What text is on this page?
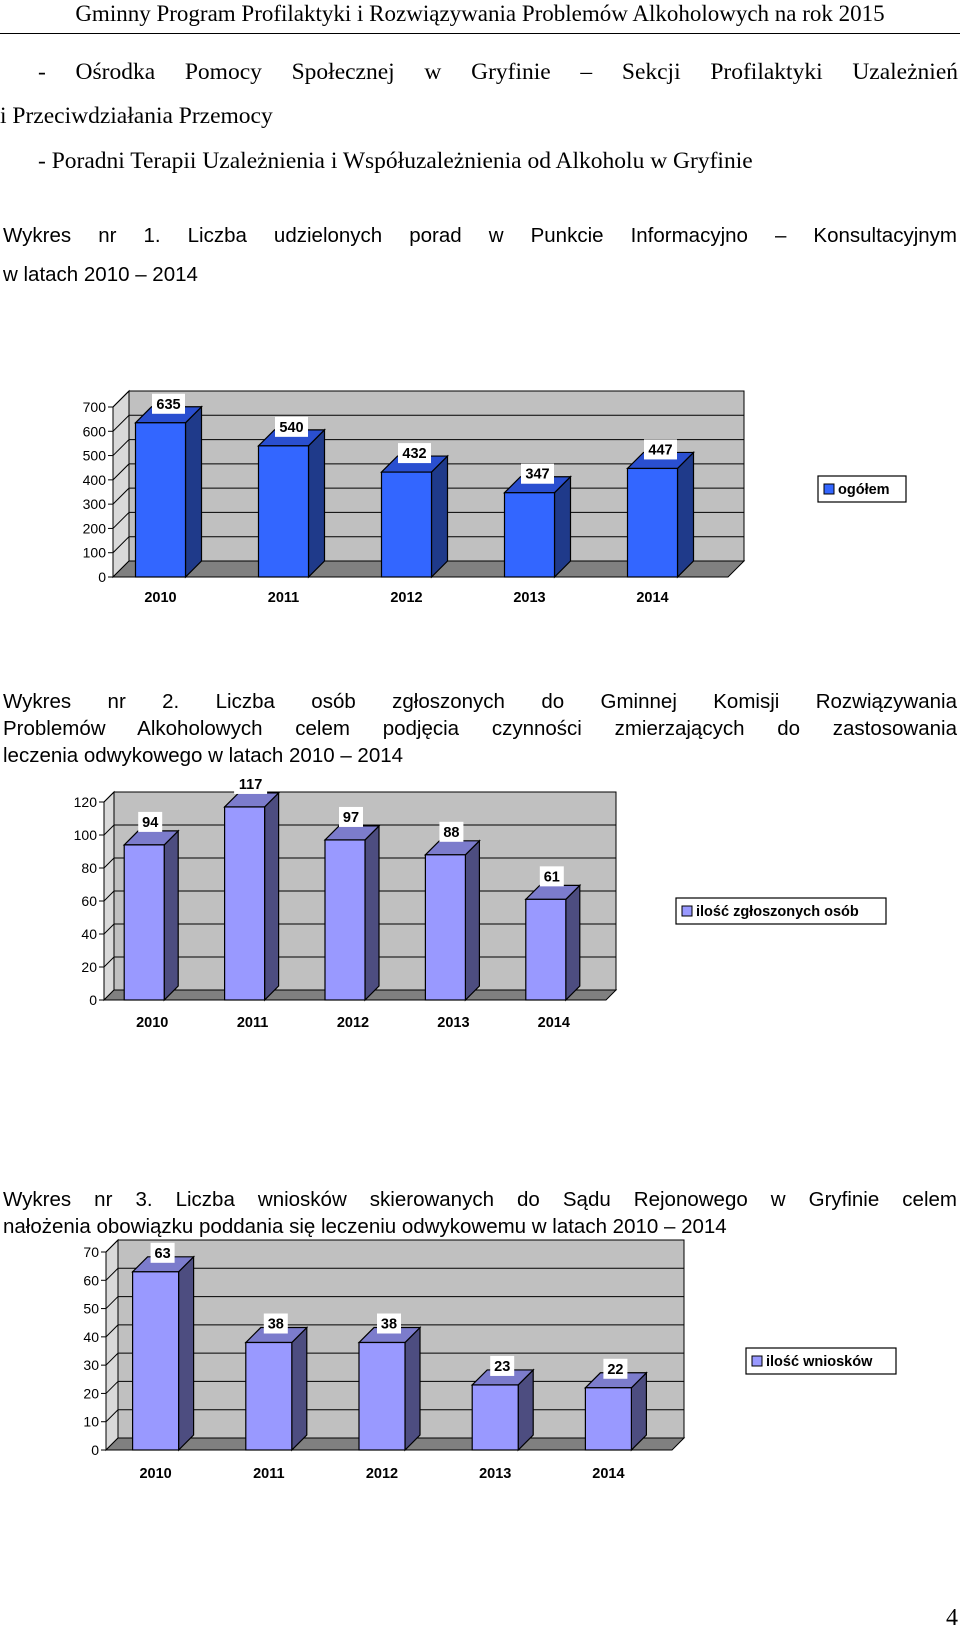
Gminny Program Profilaktyki i Rozwiązywania Problemów Alkoholowych na rok 2015
- Ośrodka Pomocy Społecznej w Gryfinie – Sekcji Profilaktyki Uzależnień
i Przeciwdziałania Przemocy
- Poradni Terapii Uzależnienia i Współuzależnienia od Alkoholu w Gryfinie
Wykres nr 1. Liczba udzielonych porad w Punkcie Informacyjno – Konsultacyjnym
w latach 2010 – 2014
0
100
200
300
400
500
600
700	635
2010
540
2011
432
2012
347
2013
447
2014
ogółem
Wykres nr 2. Liczba osób zgłoszonych do Gminnej Komisji Rozwiązywania
Problemów Alkoholowych celem podjęcia czynności zmierzających do zastosowania
leczenia odwykowego w latach 2010 – 2014
0
20
40
60
80
100
120
94
2010
117
2011
97
2012
88
2013
61
2014
ilość zgłoszonych osób
Wykres nr 3. Liczba wniosków skierowanych do Sądu Rejonowego w Gryfinie celem
nałożenia obowiązku poddania się leczeniu odwykowemu w latach 2010 – 2014
0
10
20
30
40
50
60
70	63
2010
38
2011
38
2012
23
2013
22
2014
ilość wniosków
4
